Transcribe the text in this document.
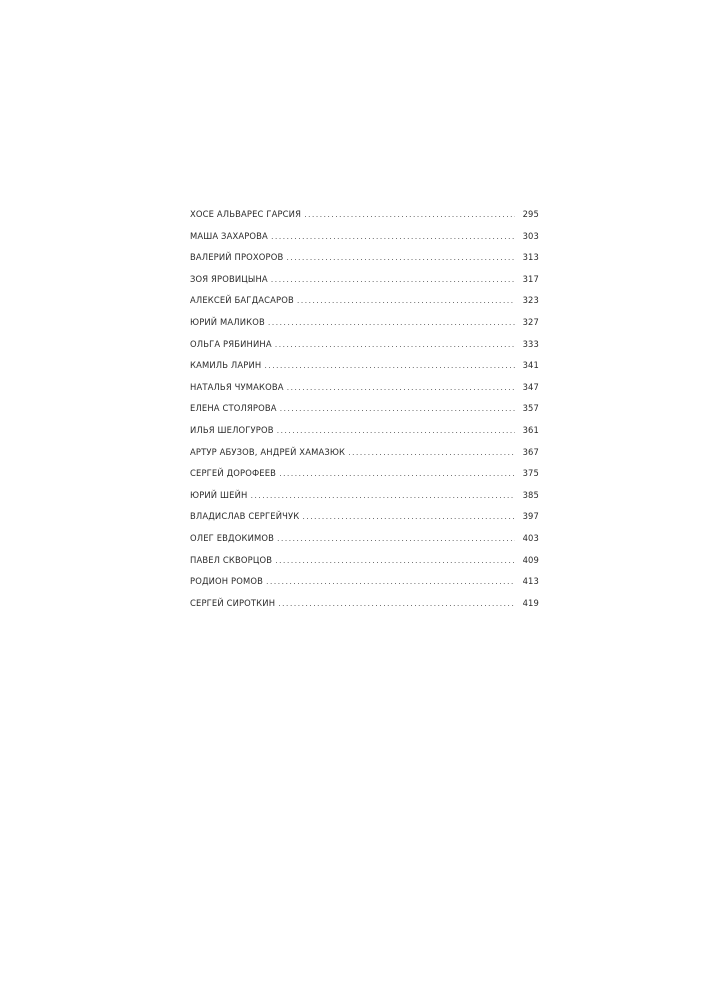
ХОСЕ АЛЬВАРЕС ГАРСИЯ . . .	295
МАША ЗАХАРОВА . . .	303
ВАЛЕРИЙ ПРОХОРОВ . . .	313
ЗОЯ ЯРОВИЦЫНА . . .	317
АЛЕКСЕЙ БАГДАСАРОВ . . .	323
ЮРИЙ МАЛИКОВ . . .	327
ОЛЬГА РЯБИНИНА . . .	333
КАМИЛЬ ЛАРИН . . .	341
НАТАЛЬЯ ЧУМАКОВА . . .	347
ЕЛЕНА СТОЛЯРОВА . . .	357
ИЛЬЯ ШЕЛОГУРОВ . . .	361
АРТУР АБУЗОВ, АНДРЕЙ ХАМАЗЮК . . .	367
СЕРГЕЙ ДОРОФЕЕВ . . .	375
ЮРИЙ ШЕЙН . . .	385
ВЛАДИСЛАВ СЕРГЕЙЧУК . . .	397
ОЛЕГ ЕВДОКИМОВ . . .	403
ПАВЕЛ СКВОРЦОВ . . .	409
РОДИОН РОМОВ . . .	413
СЕРГЕЙ СИРОТКИН . . .	419
